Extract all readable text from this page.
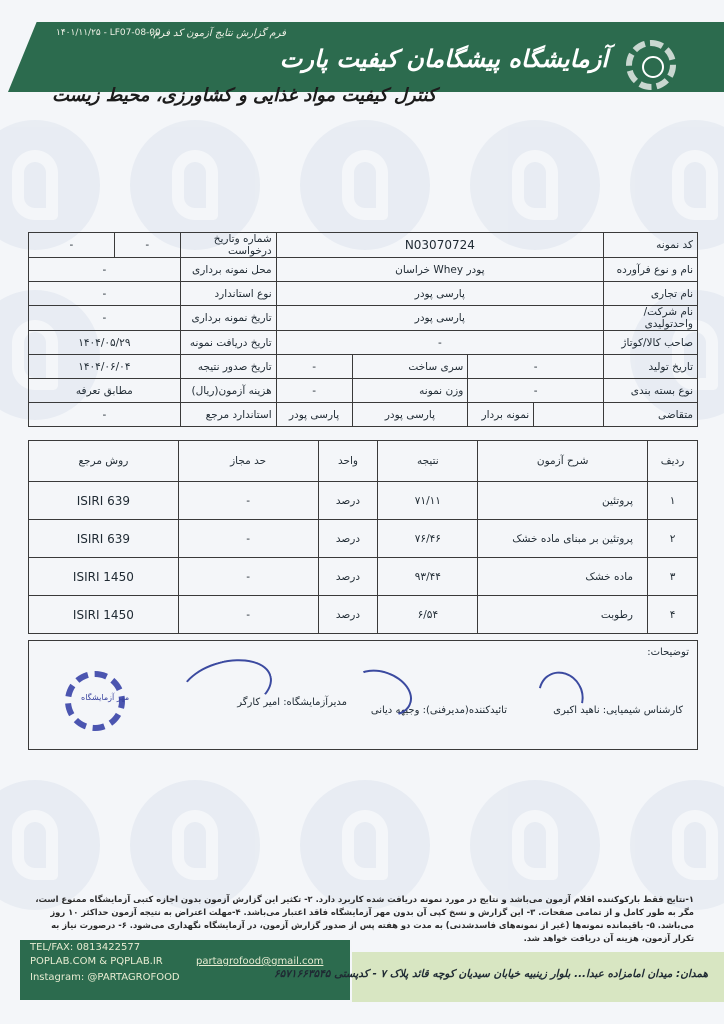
۱۴۰۱/۱۱/۲۵ - LF07-08-00
فرم گزارش نتایج آزمون کد فرم:
آزمایشگاه پیشگامان کیفیت پارت
کنترل کیفیت مواد غذایی و کشاورزی، محیط زیست
-	-	شماره وتاریخ درخواست	N03070724				کد نمونه
-		محل نمونه برداری	پودر Whey خراسان				نام و نوع فرآورده
-		نوع استاندارد	پارسی پودر				نام تجاری
-		تاریخ نمونه برداری	پارسی پودر				نام شرکت/واحدتولیدی
۱۴۰۴/۰۵/۲۹		تاریخ دریافت نمونه	-				صاحب کالا/کوتاژ
۱۴۰۴/۰۶/۰۴		تاریخ صدور نتیجه	-	سری ساخت	-		تاریخ تولید
مطابق تعرفه		هزینه آزمون(ریال)	-	وزن نمونه	-		نوع بسته بندی
-		استاندارد مرجع	پارسی پودر	پارسی پودر	نمونه بردار		متقاضی
روش مرجع	حد مجاز	واحد	نتیجه	شرح آزمون	ردیف
ISIRI 639	-	درصد	۷۱/۱۱	پروتئین	۱
ISIRI 639	-	درصد	۷۶/۴۶	پروتئین بر مبنای ماده خشک	۲
ISIRI 1450	-	درصد	۹۳/۴۴	ماده خشک	۳
ISIRI 1450	-	درصد	۶/۵۴	رطوبت	۴
توضیحات:
کارشناس شیمیایی: ناهید اکبری
تائیدکننده(مدیرفنی): وجیهه دیانی
مدیرآزمایشگاه: امیر کارگر
مهر آزمایشگاه
۱-نتایج فقط بارکوکننده اقلام آزمون می‌باشد و نتایج در مورد نمونه دریافت شده کاربرد دارد. ۲- تکثیر این گزارش آزمون بدون اجازه کتبی آزمایشگاه ممنوع است، مگر به طور کامل و از تمامی صفحات. ۳- این گزارش و نسخ کپی آن بدون مهر آزمایشگاه فاقد اعتبار می‌باشد. ۴-مهلت اعتراض به نتیجه آزمون حداکثر ۱۰ روز می‌باشد. ۵- باقیمانده نمونه‌ها (غیر از نمونه‌های فاسدشدنی) به مدت دو هفته پس از صدور گزارش آزمون، در آزمایشگاه نگهداری می‌شود. ۶- درصورت نیاز به تکرار آزمون، هزینه آن دریافت خواهد شد.
TEL/FAX: 0813422577
POPLAB.COM & PQPLAB.IR	partagrofood@gmail.com
Instagram: @PARTAGROFOOD	همدان: میدان امامزاده عبدا... بلوار زینبیه خیابان سیدیان کوچه قائد پلاک ۷ - کدپستی ۶۵۷۱۶۶۳۵۴۵
